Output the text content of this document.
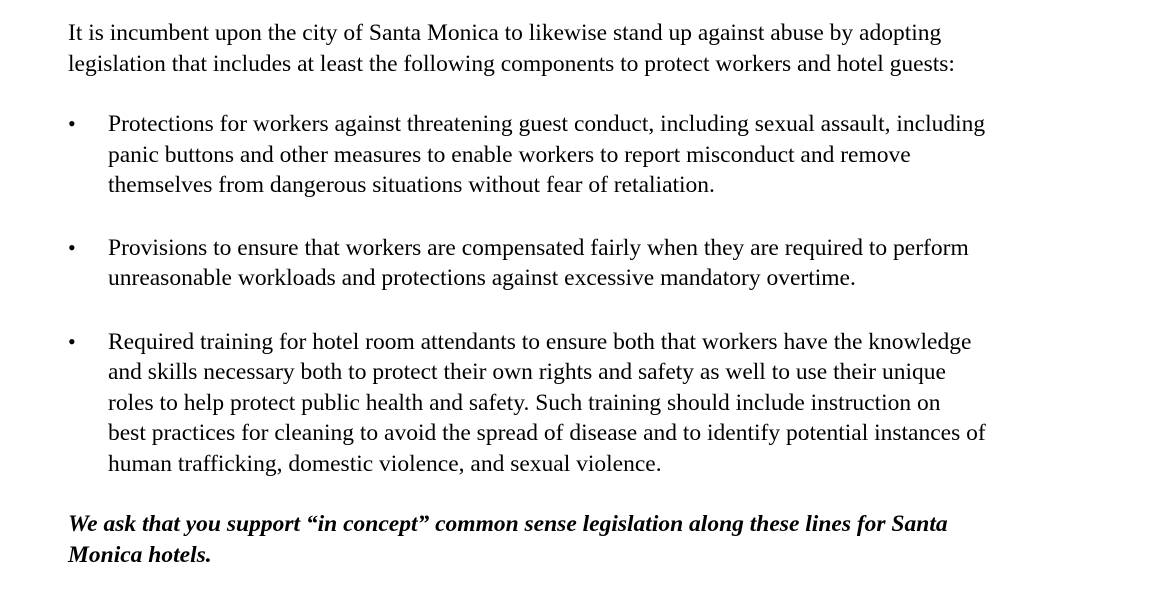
It is incumbent upon the city of Santa Monica to likewise stand up against abuse by adopting
legislation that includes at least the following components to protect workers and hotel guests:

• Protections for workers against threatening guest conduct, including sexual assault, including
panic buttons and other measures to enable workers to report misconduct and remove
themselves from dangerous situations without fear of retaliation.
• Provisions to ensure that workers are compensated fairly when they are required to perform
unreasonable workloads and protections against excessive mandatory overtime.
• Required training for hotel room attendants to ensure both that workers have the knowledge
and skills necessary both to protect their own rights and safety as well to use their unique
roles to help protect public health and safety. Such training should include instruction on
best practices for cleaning to avoid the spread of disease and to identify potential instances of
human trafficking, domestic violence, and sexual violence.

We ask that you support “in concept” common sense legislation along these lines for Santa
Monica hotels.
